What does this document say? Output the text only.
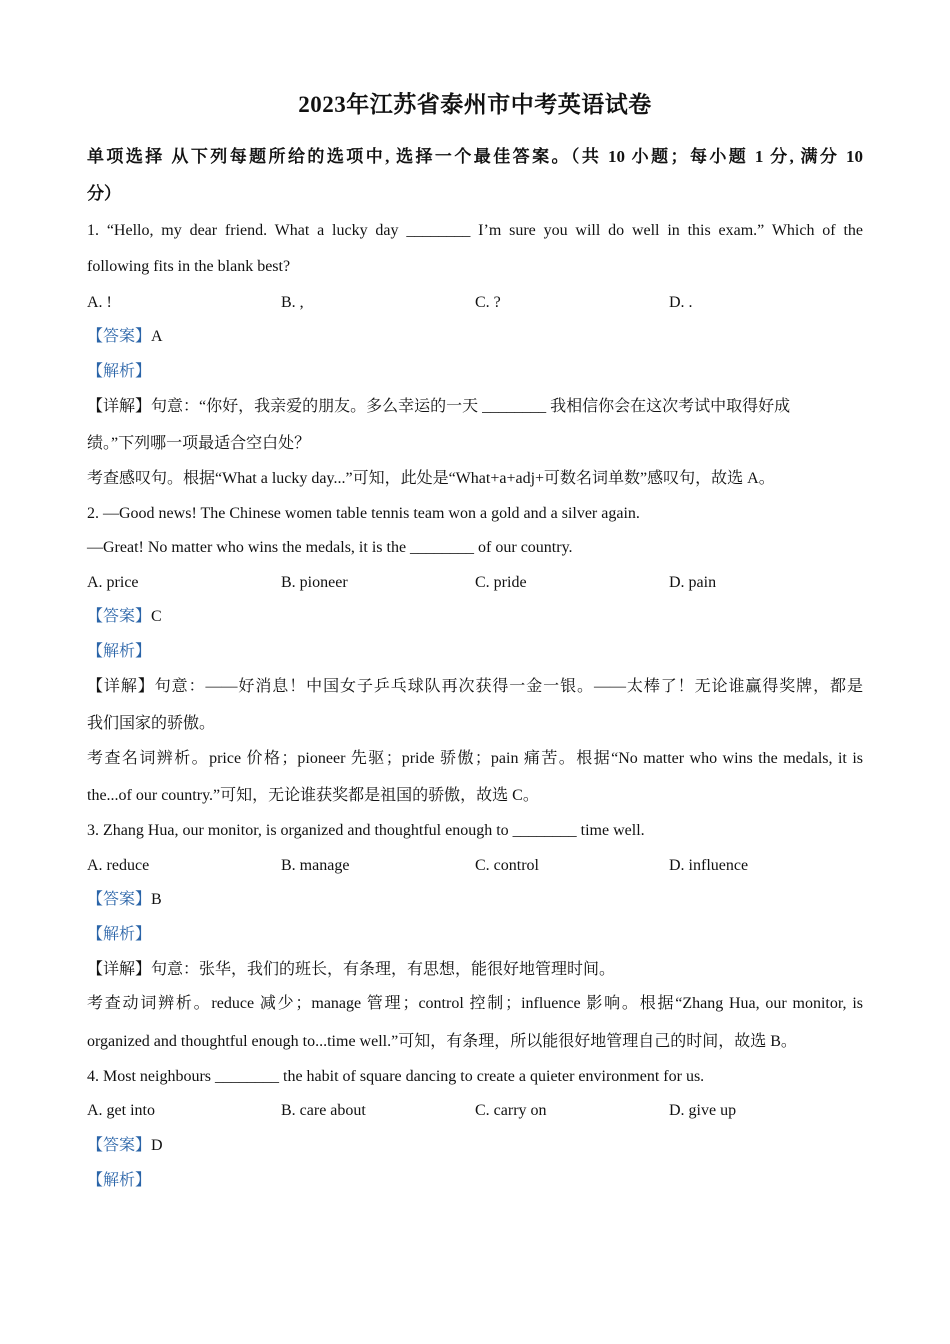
2023年江苏省泰州市中考英语试卷
单项选择 从下列每题所给的选项中, 选择一个最佳答案。（共 10 小题；每小题 1 分, 满分 10
分）
1. “Hello, my dear friend. What a lucky day ________ I’m sure you will do well in this exam.” Which of the
following fits in the blank best?
A. !	B. ,	C. ?	D. .
【答案】A
【解析】
【详解】句意：“你好，我亲爱的朋友。多么幸运的一天 ________ 我相信你会在这次考试中取得好成
绩。”下列哪一项最适合空白处？
考查感叹句。根据“What a lucky day...”可知，此处是“What+a+adj+可数名词单数”感叹句，故选 A。
2. —Good news! The Chinese women table tennis team won a gold and a silver again.
—Great! No matter who wins the medals, it is the ________ of our country.
A. price	B. pioneer	C. pride	D. pain
【答案】C
【解析】
【详解】句意：——好消息！中国女子乒乓球队再次获得一金一银。——太棒了！无论谁赢得奖牌，都是
我们国家的骄傲。
考查名词辨析。price 价格；pioneer 先驱；pride 骄傲；pain 痛苦。根据“No matter who wins the medals, it is
the...of our country.”可知，无论谁获奖都是祖国的骄傲，故选 C。
3. Zhang Hua, our monitor, is organized and thoughtful enough to ________ time well.
A. reduce	B. manage	C. control	D. influence
【答案】B
【解析】
【详解】句意：张华，我们的班长，有条理，有思想，能很好地管理时间。
考查动词辨析。reduce 减少；manage 管理；control 控制；influence 影响。根据“Zhang Hua, our monitor, is
organized and thoughtful enough to...time well.”可知，有条理，所以能很好地管理自己的时间，故选 B。
4. Most neighbours ________ the habit of square dancing to create a quieter environment for us.
A. get into	B. care about	C. carry on	D. give up
【答案】D
【解析】
